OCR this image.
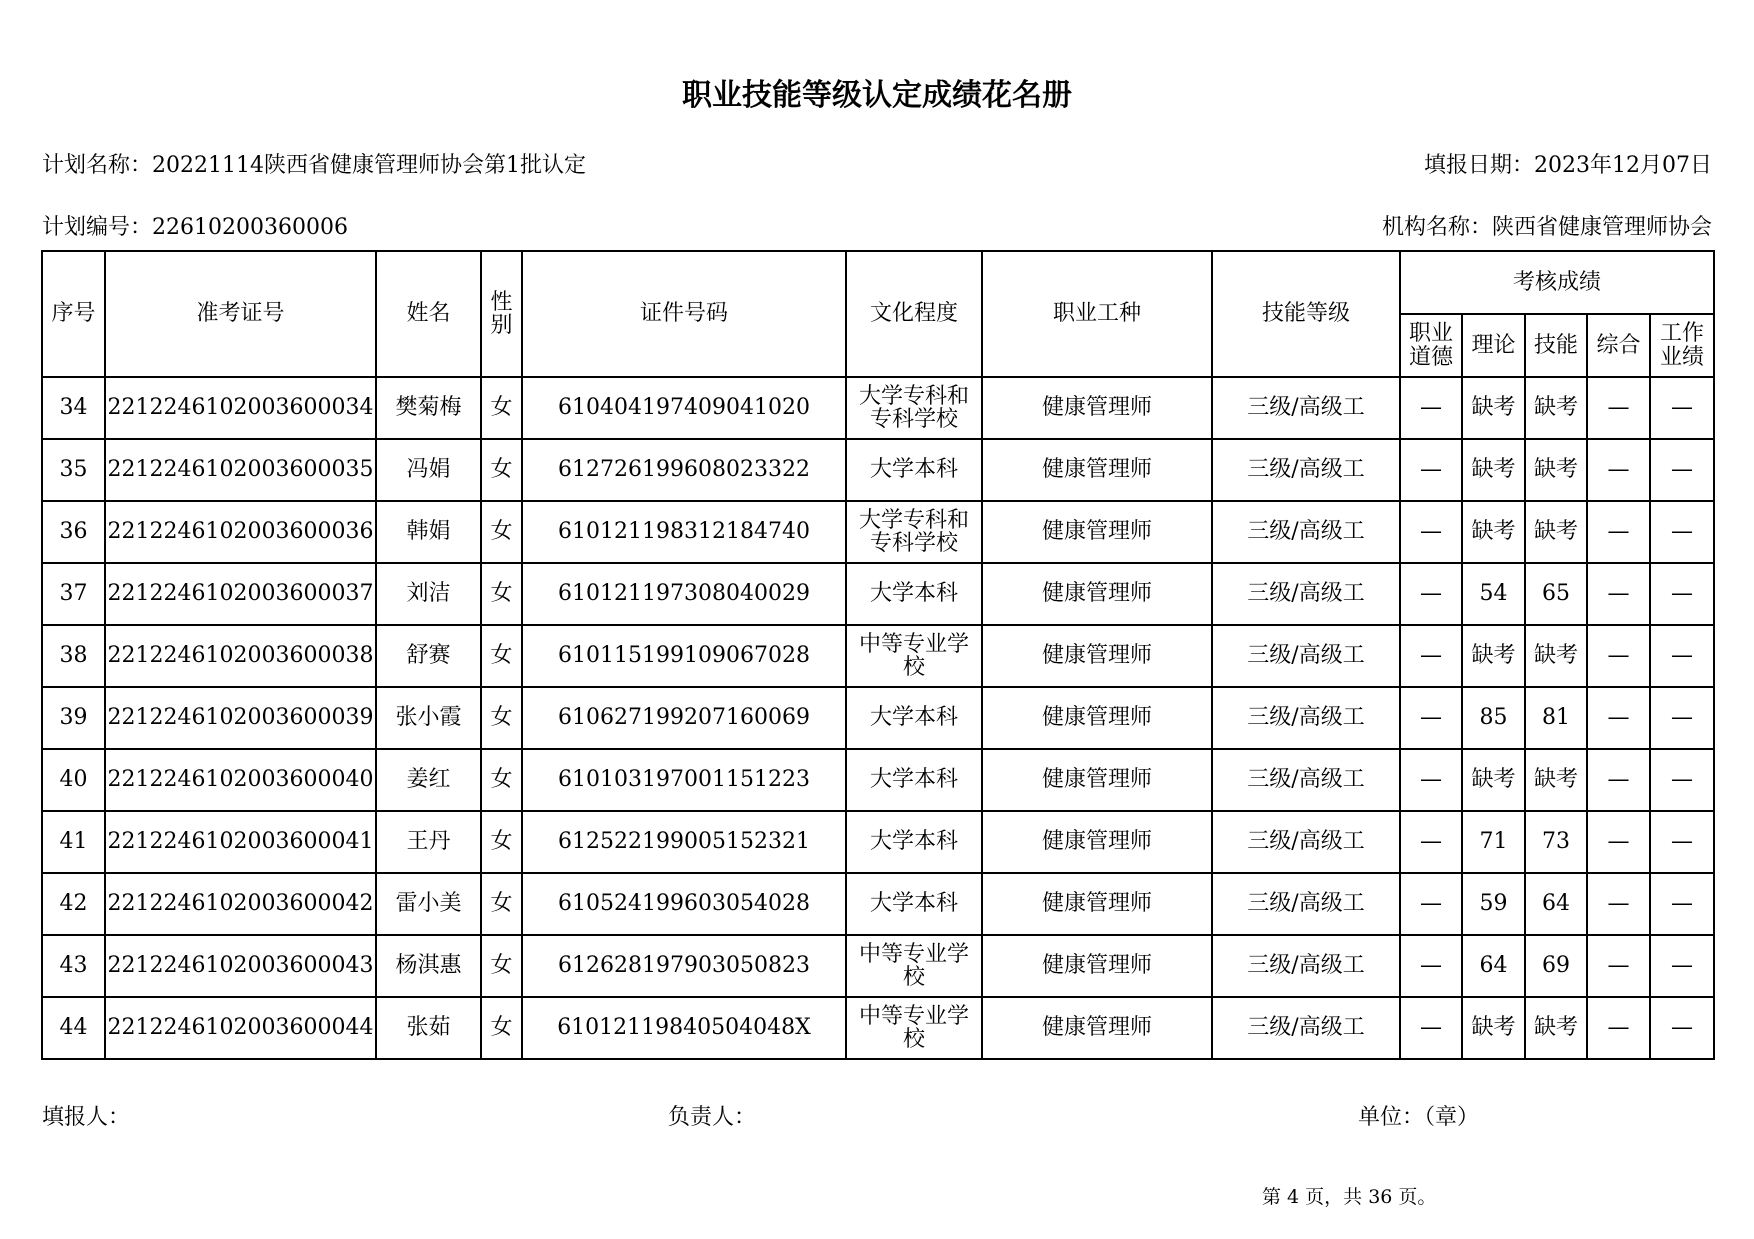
职业技能等级认定成绩花名册
计划名称：20221114陕西省健康管理师协会第1批认定	填报日期：2023年12月07日
计划编号：22610200360006	机构名称：陕西省健康管理师协会
序号	准考证号	姓名	性别	证件号码	文化程度	职业工种	技能等级	考核成绩				

								职业道德	理论	技能	综合	工作业绩

34	2212246102003600034	樊菊梅	女	610404197409041020	大学专科和专科学校	健康管理师	三级/高级工	—	缺考	缺考	—	—
35	2212246102003600035	冯娟	女	612726199608023322	大学本科	健康管理师	三级/高级工	—	缺考	缺考	—	—
36	2212246102003600036	韩娟	女	610121198312184740	大学专科和专科学校	健康管理师	三级/高级工	—	缺考	缺考	—	—
37	2212246102003600037	刘洁	女	610121197308040029	大学本科	健康管理师	三级/高级工	—	54	65	—	—
38	2212246102003600038	舒赛	女	610115199109067028	中等专业学校	健康管理师	三级/高级工	—	缺考	缺考	—	—
39	2212246102003600039	张小霞	女	610627199207160069	大学本科	健康管理师	三级/高级工	—	85	81	—	—
40	2212246102003600040	姜红	女	610103197001151223	大学本科	健康管理师	三级/高级工	—	缺考	缺考	—	—
41	2212246102003600041	王丹	女	612522199005152321	大学本科	健康管理师	三级/高级工	—	71	73	—	—
42	2212246102003600042	雷小美	女	610524199603054028	大学本科	健康管理师	三级/高级工	—	59	64	—	—
43	2212246102003600043	杨淇惠	女	612628197903050823	中等专业学校	健康管理师	三级/高级工	—	64	69	—	—
44	2212246102003600044	张茹	女	61012119840504048X	中等专业学校	健康管理师	三级/高级工	—	缺考	缺考	—	—
填报人：	负责人：	单位：（章）
第 4 页，共 36 页。
